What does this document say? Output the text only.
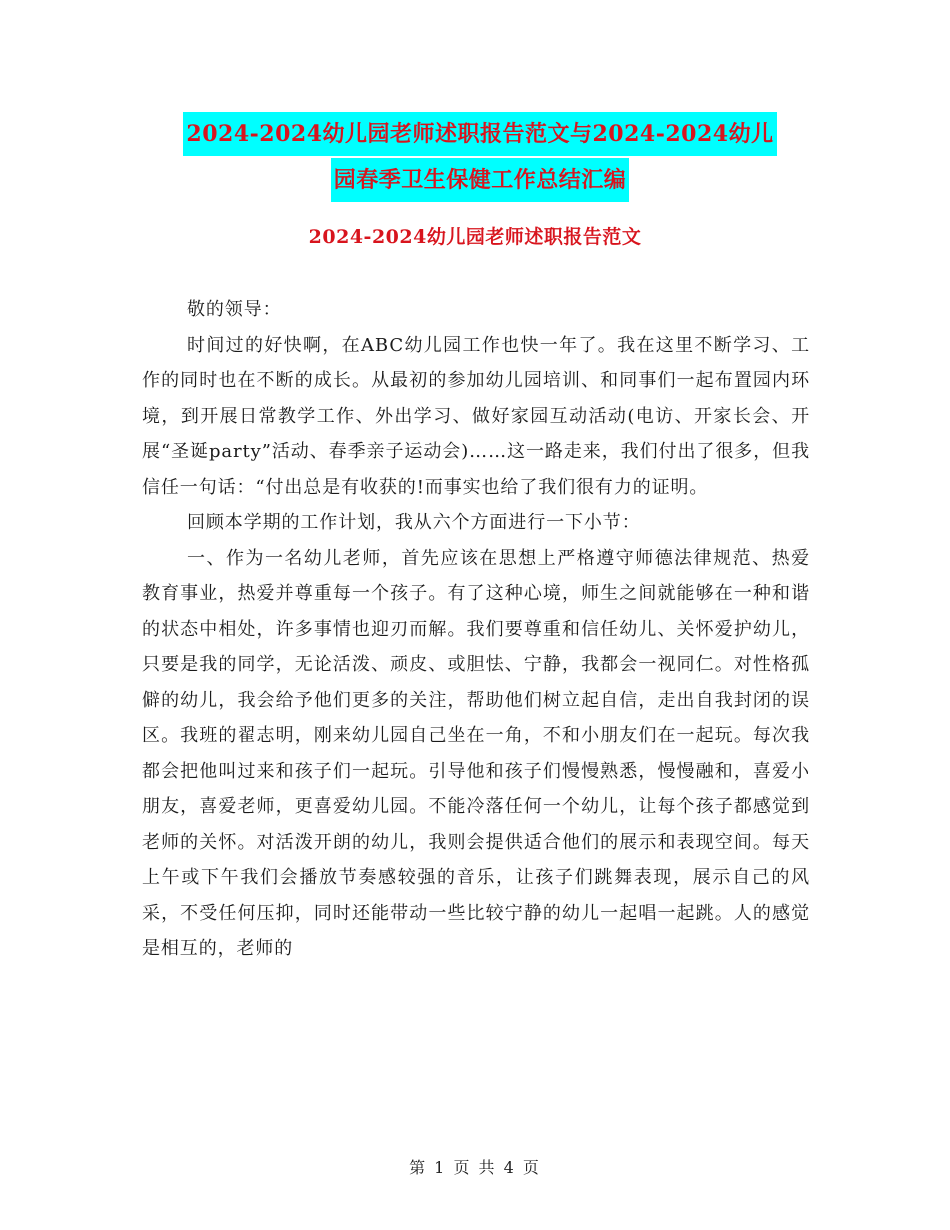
2024-2024幼儿园老师述职报告范文与2024-2024幼儿
园春季卫生保健工作总结汇编
2024-2024幼儿园老师述职报告范文

敬的领导：

时间过的好快啊，在ABC幼儿园工作也快一年了。我在这里不断学习、工作的同时也在不断的成长。从最初的参加幼儿园培训、和同事们一起布置园内环境，到开展日常教学工作、外出学习、做好家园互动活动(电访、开家长会、开展“圣诞party”活动、春季亲子运动会)……这一路走来，我们付出了很多，但我信任一句话：“付出总是有收获的!而事实也给了我们很有力的证明。

回顾本学期的工作计划，我从六个方面进行一下小节：

一、作为一名幼儿老师，首先应该在思想上严格遵守师德法律规范、热爱教育事业，热爱并尊重每一个孩子。有了这种心境，师生之间就能够在一种和谐的状态中相处，许多事情也迎刃而解。我们要尊重和信任幼儿、关怀爱护幼儿，只要是我的同学，无论活泼、顽皮、或胆怯、宁静，我都会一视同仁。对性格孤僻的幼儿，我会给予他们更多的关注，帮助他们树立起自信，走出自我封闭的误区。我班的翟志明，刚来幼儿园自己坐在一角，不和小朋友们在一起玩。每次我都会把他叫过来和孩子们一起玩。引导他和孩子们慢慢熟悉，慢慢融和，喜爱小朋友，喜爱老师，更喜爱幼儿园。不能冷落任何一个幼儿，让每个孩子都感觉到老师的关怀。对活泼开朗的幼儿，我则会提供适合他们的展示和表现空间。每天上午或下午我们会播放节奏感较强的音乐，让孩子们跳舞表现，展示自己的风采，不受任何压抑，同时还能带动一些比较宁静的幼儿一起唱一起跳。人的感觉是相互的，老师的

第 1 页 共 4 页
